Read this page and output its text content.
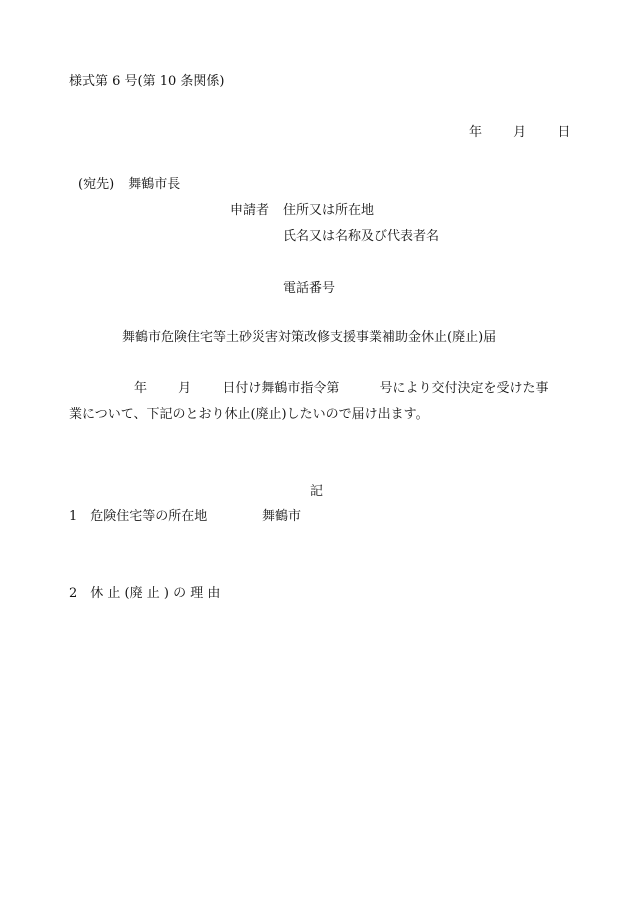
様式第 6 号(第 10 条関係)
年 月 日
(宛先) 舞鶴市長
申請者 住所又は所在地
氏名又は名称及び代表者名
電話番号
舞鶴市危険住宅等土砂災害対策改修支援事業補助金休止(廃止)届
年 月 日付け舞鶴市指令第	号により交付決定を受けた事
業について、下記のとおり休止(廃止)したいので届け出ます。
記
1　危険住宅等の所在地	舞鶴市
2　休 止 (廃 止 ) の 理 由
